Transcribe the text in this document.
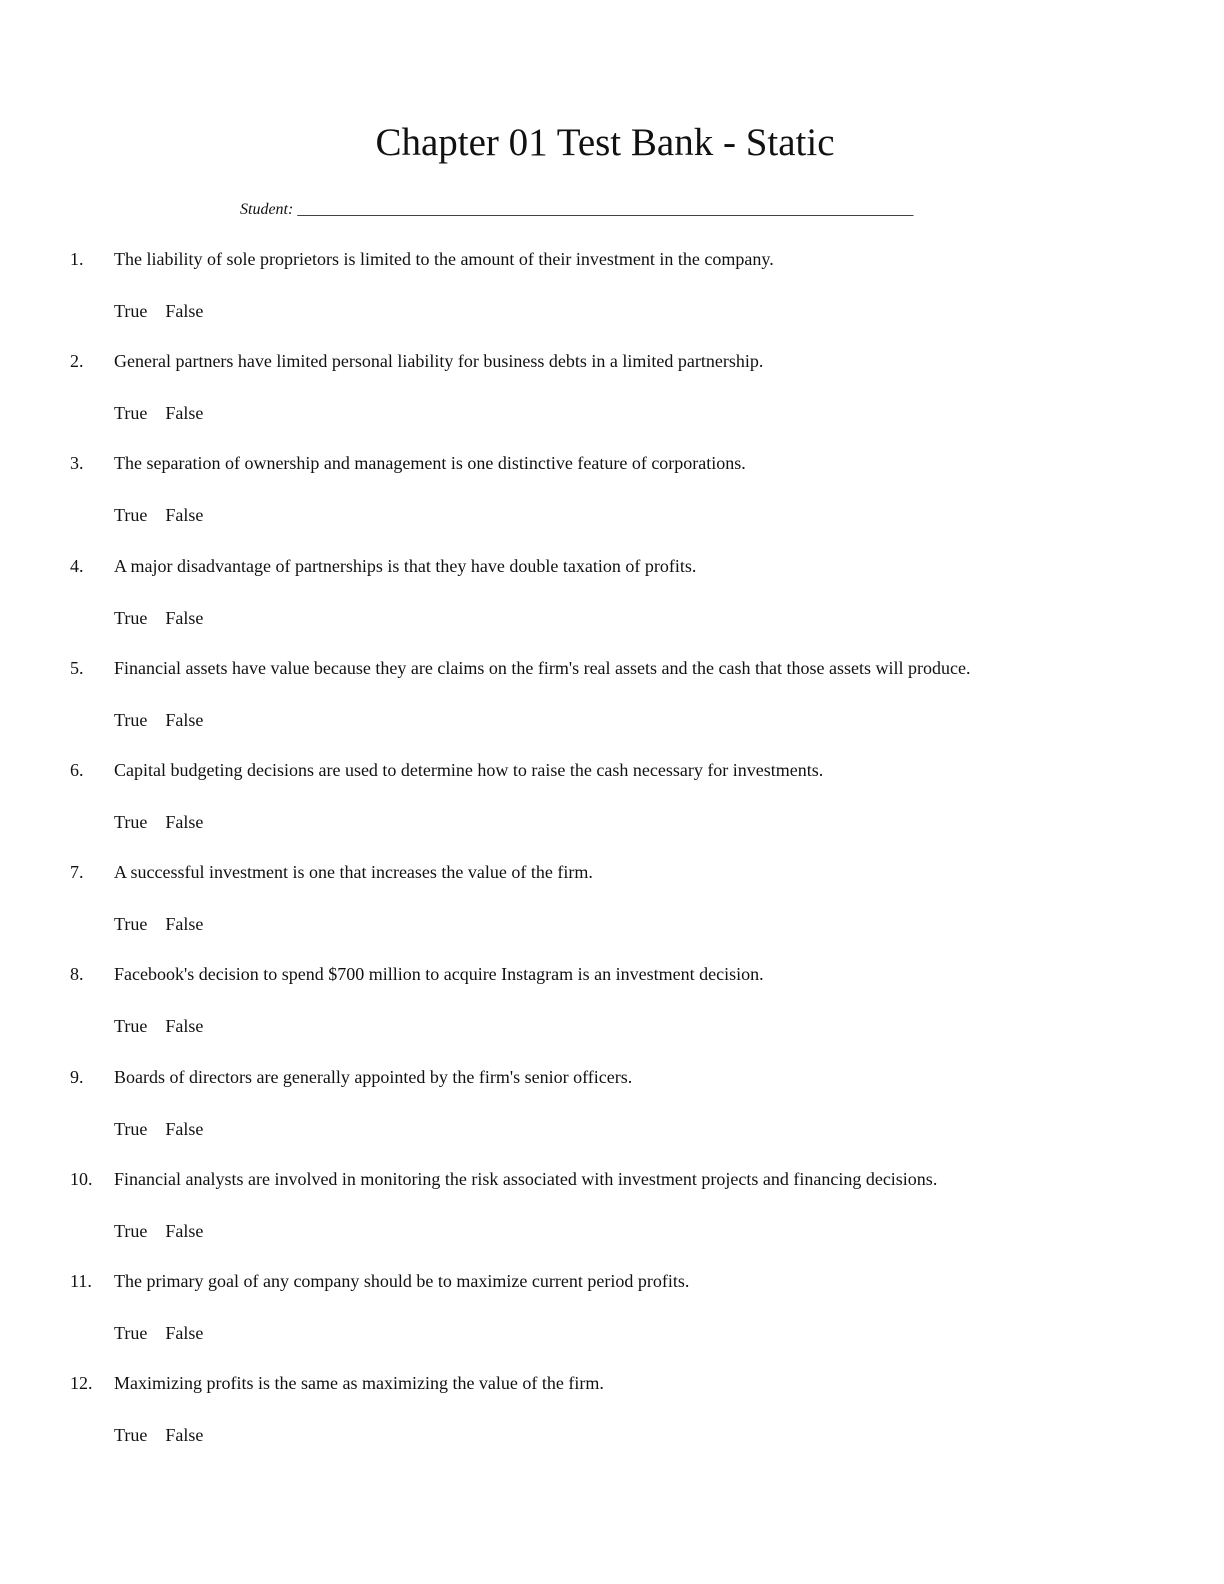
Chapter 01 Test Bank - Static
Student: _____________________________________________________________________________
1. The liability of sole proprietors is limited to the amount of their investment in the company.
True False
2. General partners have limited personal liability for business debts in a limited partnership.
True False
3. The separation of ownership and management is one distinctive feature of corporations.
True False
4. A major disadvantage of partnerships is that they have double taxation of profits.
True False
5. Financial assets have value because they are claims on the firm's real assets and the cash that those assets will produce.
True False
6. Capital budgeting decisions are used to determine how to raise the cash necessary for investments.
True False
7. A successful investment is one that increases the value of the firm.
True False
8. Facebook's decision to spend $700 million to acquire Instagram is an investment decision.
True False
9. Boards of directors are generally appointed by the firm's senior officers.
True False
10. Financial analysts are involved in monitoring the risk associated with investment projects and financing decisions.
True False
11. The primary goal of any company should be to maximize current period profits.
True False
12. Maximizing profits is the same as maximizing the value of the firm.
True False
